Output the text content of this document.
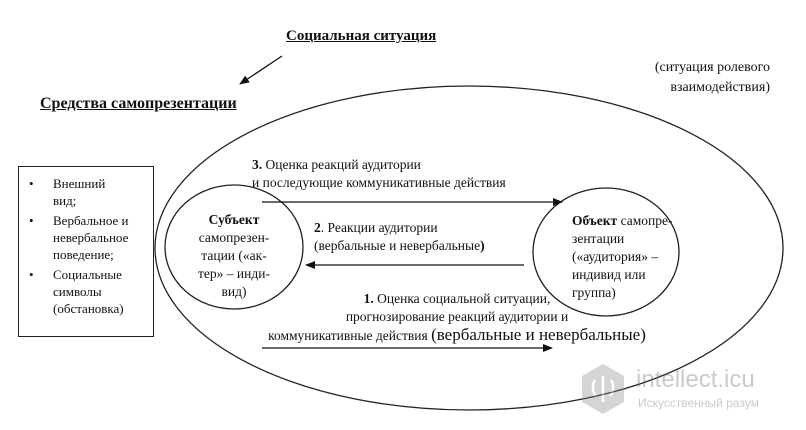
Социальная ситуация
Средства самопрезентации
(ситуация ролевого
взаимодействия)
• Внешний
вид;
• Вербальное и
невербальное
поведение;
• Социальные
символы
(обстановка)
Субъект
самопрезен-
тации («ак-
тер» – инди-
вид)
Объект самопре-
зентации
(«аудитория» –
индивид или
группа)
3. Оценка реакций аудитории
и последующие коммуникативные действия
2. Реакции аудитории
(вербальные и невербальные)
1. Оценка социальной ситуации,
прогнозирование реакций аудитории и
коммуникативные действия (вербальные и невербальные)
intellect.icu
Искусственный разум
